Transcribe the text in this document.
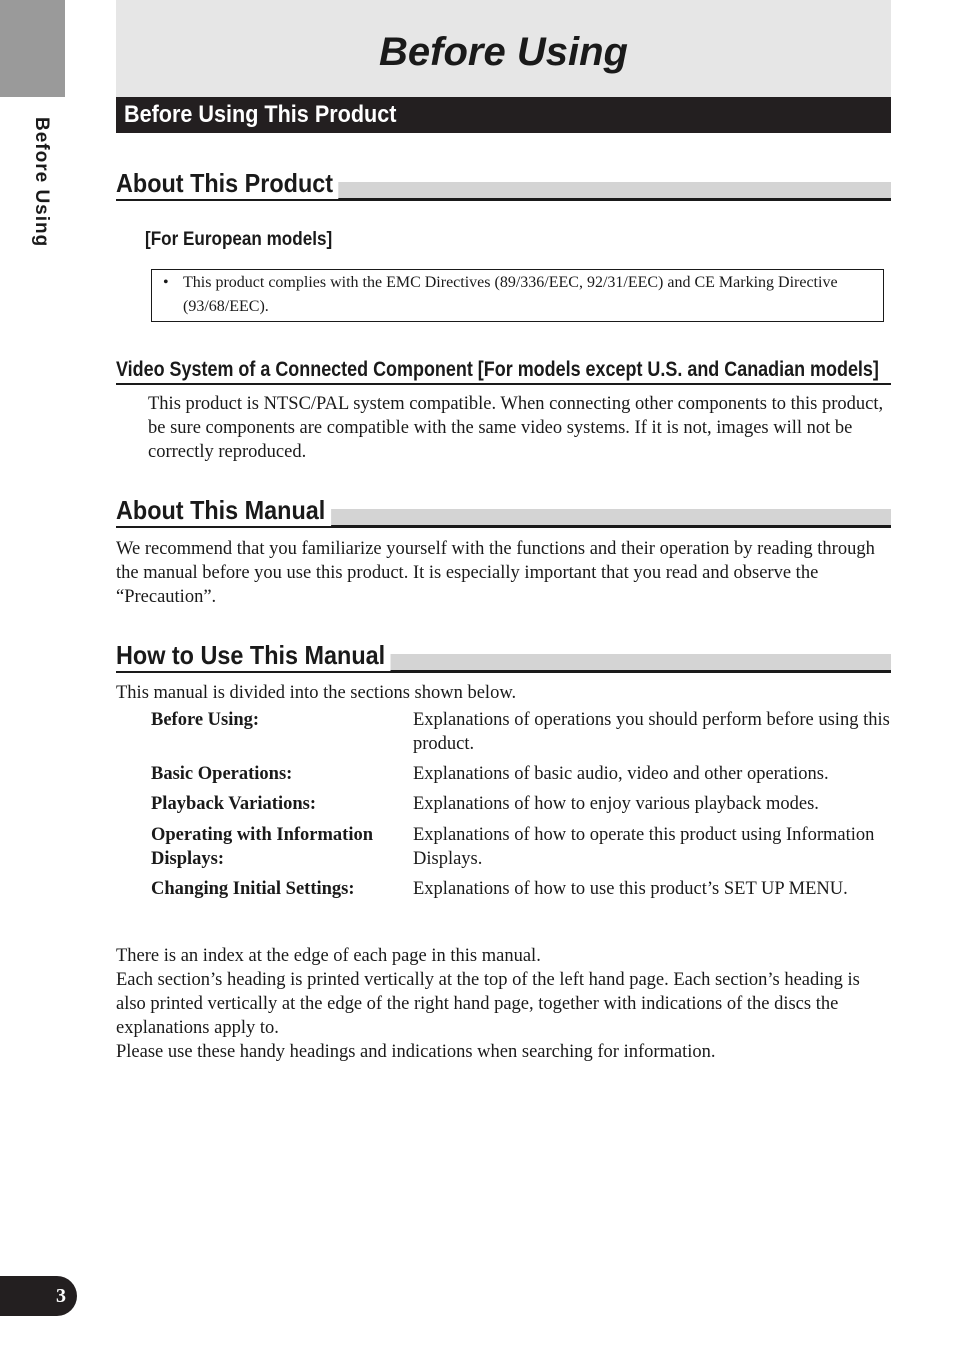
Before Using
Before Using
Before Using This Product
About This Product
[For European models]
• This product complies with the EMC Directives (89/336/EEC, 92/31/EEC) and CE Marking Directive (93/68/EEC).
Video System of a Connected Component [For models except U.S. and Canadian models]

This product is NTSC/PAL system compatible. When connecting other components to this product, be sure components are compatible with the same video systems. If it is not, images will not be correctly reproduced.

About This Manual

We recommend that you familiarize yourself with the functions and their operation by reading through the manual before you use this product. It is especially important that you read and observe the “Precaution”.

How to Use This Manual

This manual is divided into the sections shown below.

Before Using:	Explanations of operations you should perform before using this product.
Basic Operations:	Explanations of basic audio, video and other operations.
Playback Variations:	Explanations of how to enjoy various playback modes.
Operating with Information Displays:
Explanations of how to operate this product using Information Displays.
Changing Initial Settings:	Explanations of how to use this product’s SET UP MENU.

There is an index at the edge of each page in this manual.

Each section’s heading is printed vertically at the top of the left hand page. Each section’s heading is also printed vertically at the edge of the right hand page, together with indications of the discs the explanations apply to.

Please use these handy headings and indications when searching for information.

3
